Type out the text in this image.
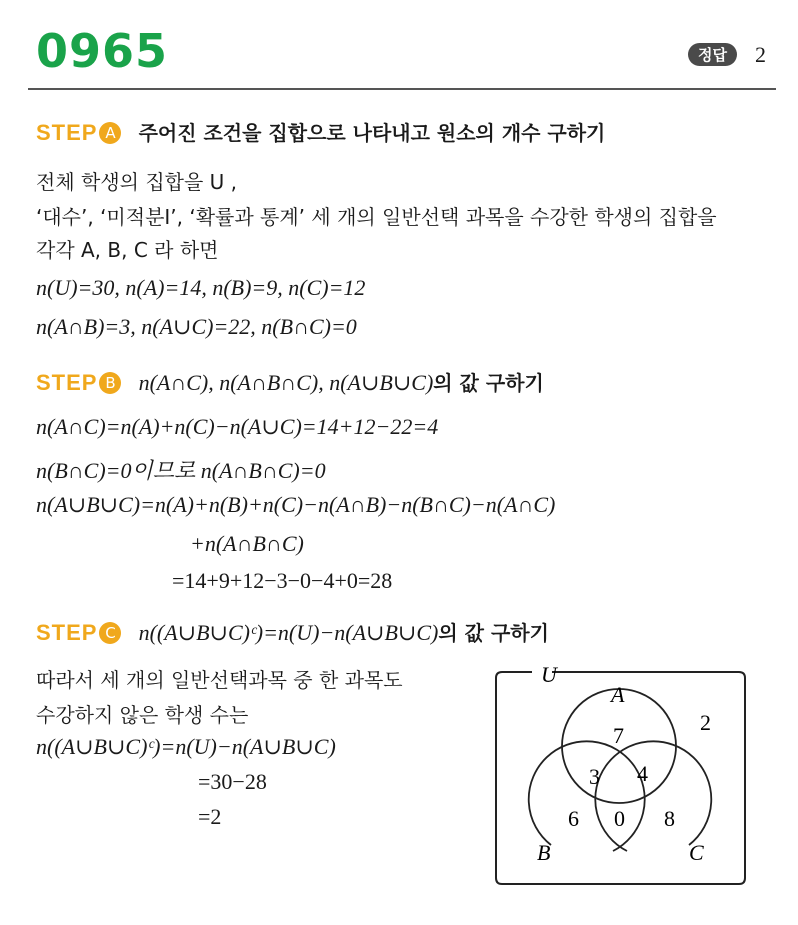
0965	정답	2
STEP A 주어진 조건을 집합으로 나타내고 원소의 개수 구하기
전체 학생의 집합을 U ,
‘대수’, ‘미적분Ⅰ’, ‘확률과 통계’ 세 개의 일반선택 과목을 수강한 학생의 집합을
각각 A, B, C 라 하면
n(U)=30, n(A)=14, n(B)=9, n(C)=12
n(A∩B)=3, n(A∪C)=22, n(B∩C)=0
STEP B n(A∩C), n(A∩B∩C), n(A∪B∪C)의 값 구하기
n(A∩C)=n(A)+n(C)−n(A∪C)=14+12−22=4
n(B∩C)=0이므로 n(A∩B∩C)=0
n(A∪B∪C)=n(A)+n(B)+n(C)−n(A∩B)−n(B∩C)−n(A∩C)
+n(A∩B∩C)
=14+9+12−3−0−4+0=28
STEP C n((A∪B∪C)ᶜ)=n(U)−n(A∪B∪C)의 값 구하기
따라서 세 개의 일반선택과목 중 한 과목도
수강하지 않은 학생 수는
n((A∪B∪C)ᶜ)=n(U)−n(A∪B∪C)
=30−28
=2
U
A
B	C
7
2
3 4
6 0 8
